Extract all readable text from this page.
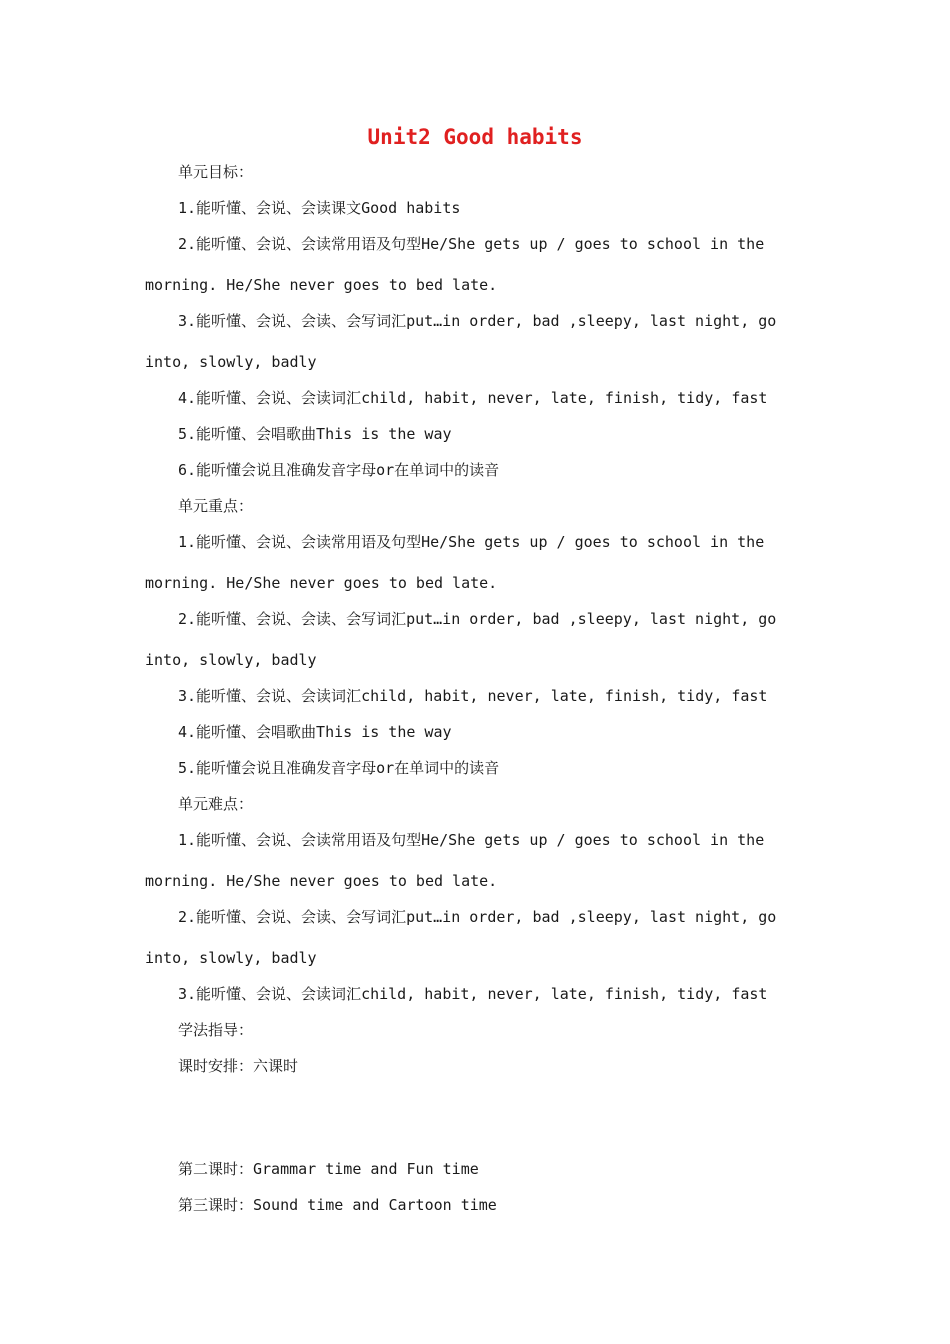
Unit2 Good habits
单元目标：
1.能听懂、会说、会读课文Good habits
2.能听懂、会说、会读常用语及句型He/She gets up / goes to school in the
morning. He/She never goes to bed late.
3.能听懂、会说、会读、会写词汇put…in order, bad ,sleepy, last night, go
into, slowly, badly
4.能听懂、会说、会读词汇child, habit, never, late, finish, tidy, fast
5.能听懂、会唱歌曲This is the way
6.能听懂会说且准确发音字母or在单词中的读音
单元重点：
1.能听懂、会说、会读常用语及句型He/She gets up / goes to school in the
morning. He/She never goes to bed late.
2.能听懂、会说、会读、会写词汇put…in order, bad ,sleepy, last night, go
into, slowly, badly
3.能听懂、会说、会读词汇child, habit, never, late, finish, tidy, fast
4.能听懂、会唱歌曲This is the way
5.能听懂会说且准确发音字母or在单词中的读音
单元难点：
1.能听懂、会说、会读常用语及句型He/She gets up / goes to school in the
morning. He/She never goes to bed late.
2.能听懂、会说、会读、会写词汇put…in order, bad ,sleepy, last night, go
into, slowly, badly
3.能听懂、会说、会读词汇child, habit, never, late, finish, tidy, fast
学法指导：
课时安排：六课时
第二课时：Grammar time and Fun time
第三课时：Sound time and Cartoon time
